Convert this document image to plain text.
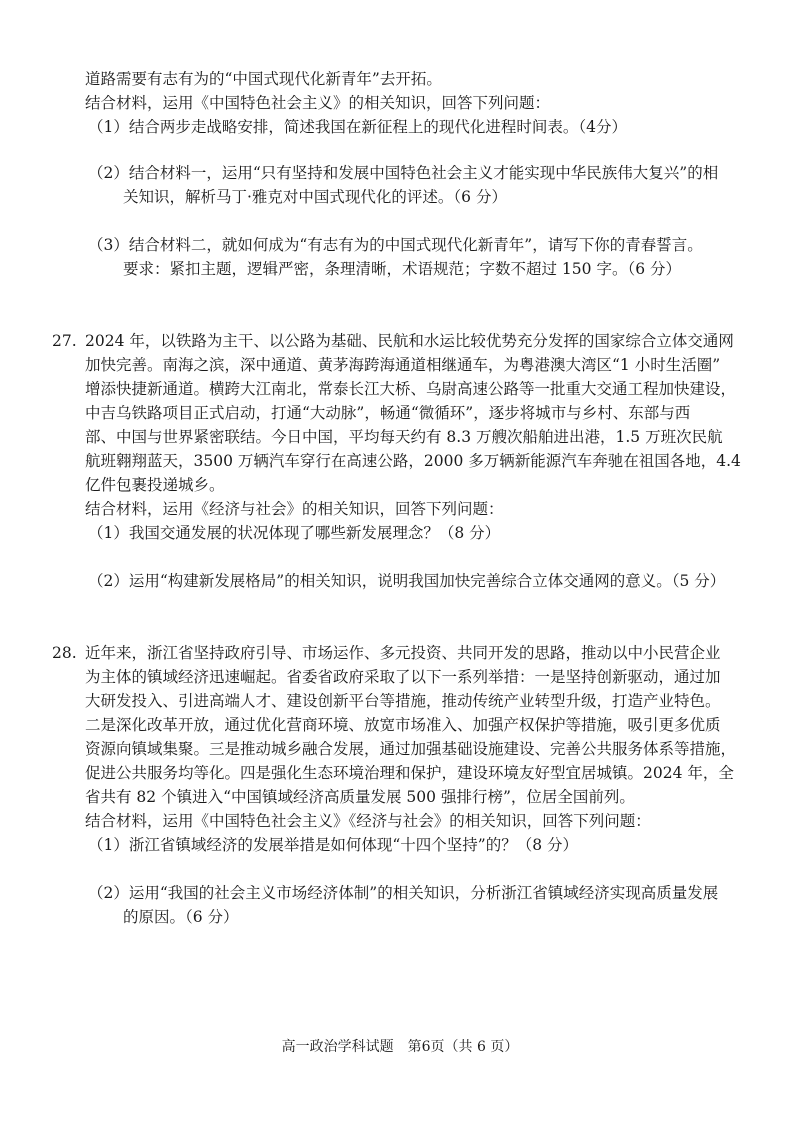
道路需要有志有为的“中国式现代化新青年”去开拓。
结合材料，运用《中国特色社会主义》的相关知识，回答下列问题：
（1）结合两步走战略安排，简述我国在新征程上的现代化进程时间表。（4分）
（2）结合材料一，运用“只有坚持和发展中国特色社会主义才能实现中华民族伟大复兴”的相
关知识，解析马丁·雅克对中国式现代化的评述。（6 分）
（3）结合材料二，就如何成为“有志有为的中国式现代化新青年”，请写下你的青春誓言。
要求：紧扣主题，逻辑严密，条理清晰，术语规范；字数不超过 150 字。（6 分）
27. 2024 年，以铁路为主干、以公路为基础、民航和水运比较优势充分发挥的国家综合立体交通网
加快完善。南海之滨，深中通道、黄茅海跨海通道相继通车，为粤港澳大湾区“1 小时生活圈”
增添快捷新通道。横跨大江南北，常泰长江大桥、乌尉高速公路等一批重大交通工程加快建设，
中吉乌铁路项目正式启动，打通“大动脉”，畅通“微循环”，逐步将城市与乡村、东部与西
部、中国与世界紧密联结。今日中国，平均每天约有 8.3 万艘次船舶进出港，1.5 万班次民航
航班翱翔蓝天，3500 万辆汽车穿行在高速公路，2000 多万辆新能源汽车奔驰在祖国各地，4.4
亿件包裹投递城乡。
结合材料，运用《经济与社会》的相关知识，回答下列问题：
（1）我国交通发展的状况体现了哪些新发展理念？（8 分）
（2）运用“构建新发展格局”的相关知识，说明我国加快完善综合立体交通网的意义。（5 分）
28. 近年来，浙江省坚持政府引导、市场运作、多元投资、共同开发的思路，推动以中小民营企业
为主体的镇域经济迅速崛起。省委省政府采取了以下一系列举措：一是坚持创新驱动，通过加
大研发投入、引进高端人才、建设创新平台等措施，推动传统产业转型升级，打造产业特色。
二是深化改革开放，通过优化营商环境、放宽市场准入、加强产权保护等措施，吸引更多优质
资源向镇域集聚。三是推动城乡融合发展，通过加强基础设施建设、完善公共服务体系等措施，
促进公共服务均等化。四是强化生态环境治理和保护，建设环境友好型宜居城镇。2024 年，全
省共有 82 个镇进入“中国镇域经济高质量发展 500 强排行榜”，位居全国前列。
结合材料，运用《中国特色社会主义》《经济与社会》的相关知识，回答下列问题：
（1）浙江省镇域经济的发展举措是如何体现“十四个坚持”的？（8 分）
（2）运用“我国的社会主义市场经济体制”的相关知识，分析浙江省镇域经济实现高质量发展
的原因。（6 分）
高一政治学科试题　第6页（共 6 页）
